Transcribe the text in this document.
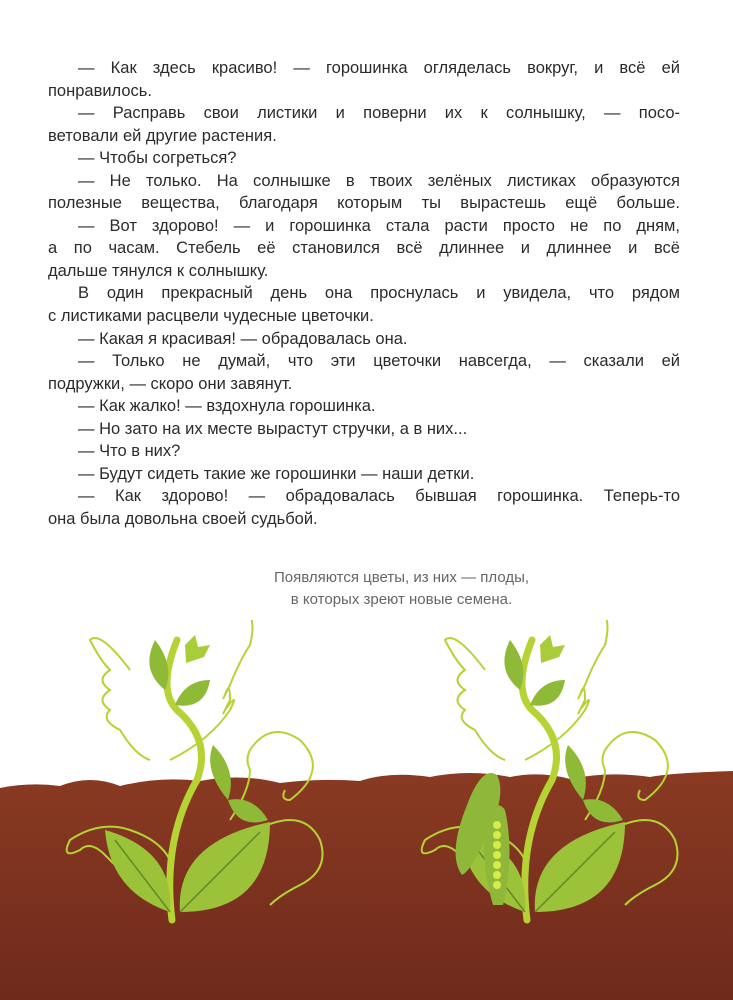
— Как здесь красиво! — горошинка огляделась вокруг, и всё ей
понравилось.
— Расправь свои листики и поверни их к солнышку, — посо-
ветовали ей другие растения.
— Чтобы согреться?
— Не только. На солнышке в твоих зелёных листиках образуются
полезные вещества, благодаря которым ты вырастешь ещё больше.
— Вот здорово! — и горошинка стала расти просто не по дням,
а по часам. Стебель её становился всё длиннее и длиннее и всё
дальше тянулся к солнышку.
В один прекрасный день она проснулась и увидела, что рядом
с листиками расцвели чудесные цветочки.
— Какая я красивая! — обрадовалась она.
— Только не думай, что эти цветочки навсегда, — сказали ей
подружки, — скоро они завянут.
— Как жалко! — вздохнула горошинка.
— Но зато на их месте вырастут стручки, а в них...
— Что в них?
— Будут сидеть такие же горошинки — наши детки.
— Как здорово! — обрадовалась бывшая горошинка. Теперь-то
она была довольна своей судьбой.
Появляются цветы, из них — плоды,
в которых зреют новые семена.
